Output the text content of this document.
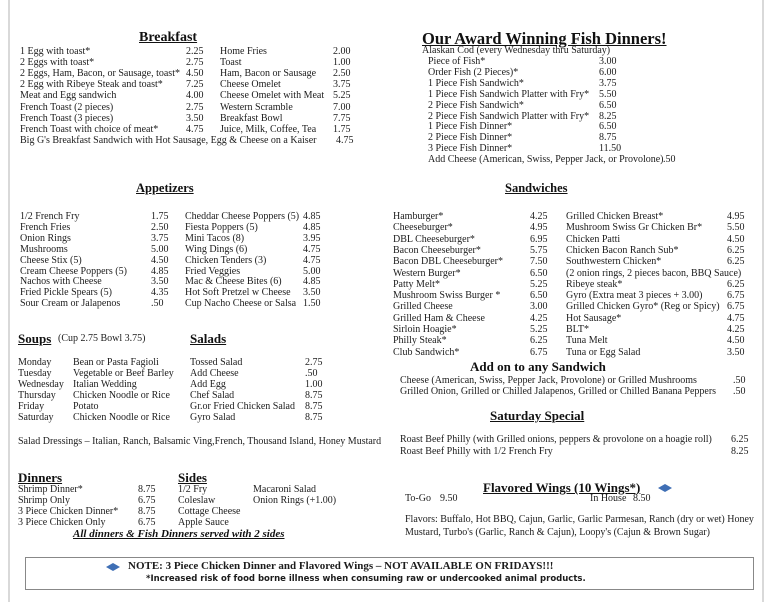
Breakfast	Our Award Winning Fish Dinners!
Alaskan Cod (every Wednesday thru Saturday)
Appetizers	Sandwiches
Soups (Cup 2.75 Bowl 3.75)	Salads
Salad Dressings – Italian, Ranch, Balsamic Ving,French, Thousand Island, Honey Mustard
Add on to any Sandwich
Saturday Special
Dinners	Sides
All dinners & Fish Dinners served with 2 sides
Flavored Wings (10 Wings*)
To-Go 9.50	In House 8.50
Flavors: Buffalo, Hot BBQ, Cajun, Garlic, Garlic Parmesan, Ranch (dry or wet) Honey
Mustard, Turbo's (Garlic, Ranch & Cajun), Loopy's (Cajun & Brown Sugar)
NOTE: 3 Piece Chicken Dinner and Flavored Wings – NOT AVAILABLE ON FRIDAYS!!!
*Increased risk of food borne illness when consuming raw or undercooked animal products.
1 Egg with toast*	2.25
2 Eggs with toast*	2.75
2 Eggs, Ham, Bacon, or Sausage, toast* 4.50
2 Egg with Ribeye Steak and toast* 7.25
Meat and Egg sandwich	4.00
French Toast (2 pieces)	2.75
French Toast (3 pieces)	3.50
French Toast with choice of meat*	4.75
Home Fries	2.00
Toast	1.00
Ham, Bacon or Sausage 2.50
Cheese Omelet	3.75
Cheese Omelet with Meat 5.25
Western Scramble	7.00
Breakfast Bowl	7.75
Juice, Milk, Coffee, Tea 1.75
Big G's Breakfast Sandwich with Hot Sausage, Egg & Cheese on a Kaiser 4.75
Piece of Fish*	3.00
Order Fish (2 Pieces)*	6.00
1 Piece Fish Sandwich*	3.75
1 Piece Fish Sandwich Platter with Fry* 5.50
2 Piece Fish Sandwich*	6.50
2 Piece Fish Sandwich Platter with Fry* 8.25
1 Piece Fish Dinner*	6.50
2 Piece Fish Dinner*	8.75
3 Piece Fish Dinner*	11.50
Add Cheese (American, Swiss, Pepper Jack, or Provolone) .50
1/2 French Fry	1.75
French Fries	2.50
Onion Rings	3.75
Mushrooms	5.00
Cheese Stix (5)	4.50
Cream Cheese Poppers (5) 4.85
Nachos with Cheese	3.50
Fried Pickle Spears (5)	4.35
Sour Cream or Jalapenos	.50
Cheddar Cheese Poppers (5) 4.85
Fiesta Poppers (5)	4.85
Mini Tacos (8)	3.95
Wing Dings (6)	4.75
Chicken Tenders (3)	4.75
Fried Veggies	5.00
Mac & Cheese Bites (6) 4.85
Hot Soft Pretzel w Cheese 3.50
Cup Nacho Cheese or Salsa 1.50
Hamburger*	4.25
Cheeseburger*	4.95
DBL Cheeseburger*	6.95
Bacon Cheeseburger*	5.75
Bacon DBL Cheeseburger*	7.50
Western Burger*	6.50
Patty Melt*	5.25
Mushroom Swiss Burger *	6.50
Grilled Cheese	3.00
Grilled Ham & Cheese	4.25
Sirloin Hoagie*	5.25
Philly Steak*	6.25
Club Sandwich*	6.75
Grilled Chicken Breast*	4.95
Mushroom Swiss Gr Chicken Br* 5.50
Chicken Patti	4.50
Chicken Bacon Ranch Sub*	6.25
Southwestern Chicken*	6.25
(2 onion rings, 2 pieces bacon, BBQ Sauce)
Ribeye steak*	6.25
Gyro (Extra meat 3 pieces + 3.00) 6.75
Grilled Chicken Gyro* (Reg or Spicy) 6.75
Hot Sausage*	4.75
BLT*	4.25
Tuna Melt	4.50
Tuna or Egg Salad	3.50
Monday Bean or Pasta Fagioli
Tuesday Vegetable or Beef Barley
Wednesday Italian Wedding
Thursday Chicken Noodle or Rice
Friday	Potato
Saturday Chicken Noodle or Rice
Tossed Salad	2.75
Add Cheese	.50
Add Egg	1.00
Chef Salad	8.75
Gr.or Fried Chicken Salad 8.75
Gyro Salad	8.75
Cheese (American, Swiss, Pepper Jack, Provolone) or Grilled Mushrooms	.50
Grilled Onion, Grilled or Chilled Jalapenos, Grilled or Chilled Banana Peppers .50
Roast Beef Philly (with Grilled onions, peppers & provolone on a hoagie roll) 6.25
Roast Beef Philly with 1/2 French Fry	8.25
Shrimp Dinner*	8.75
Shrimp Only	6.75
3 Piece Chicken Dinner* 8.75
3 Piece Chicken Only	6.75
1/2 Fry
Coleslaw
Cottage Cheese
Apple Sauce
Macaroni Salad
Onion Rings (+1.00)
